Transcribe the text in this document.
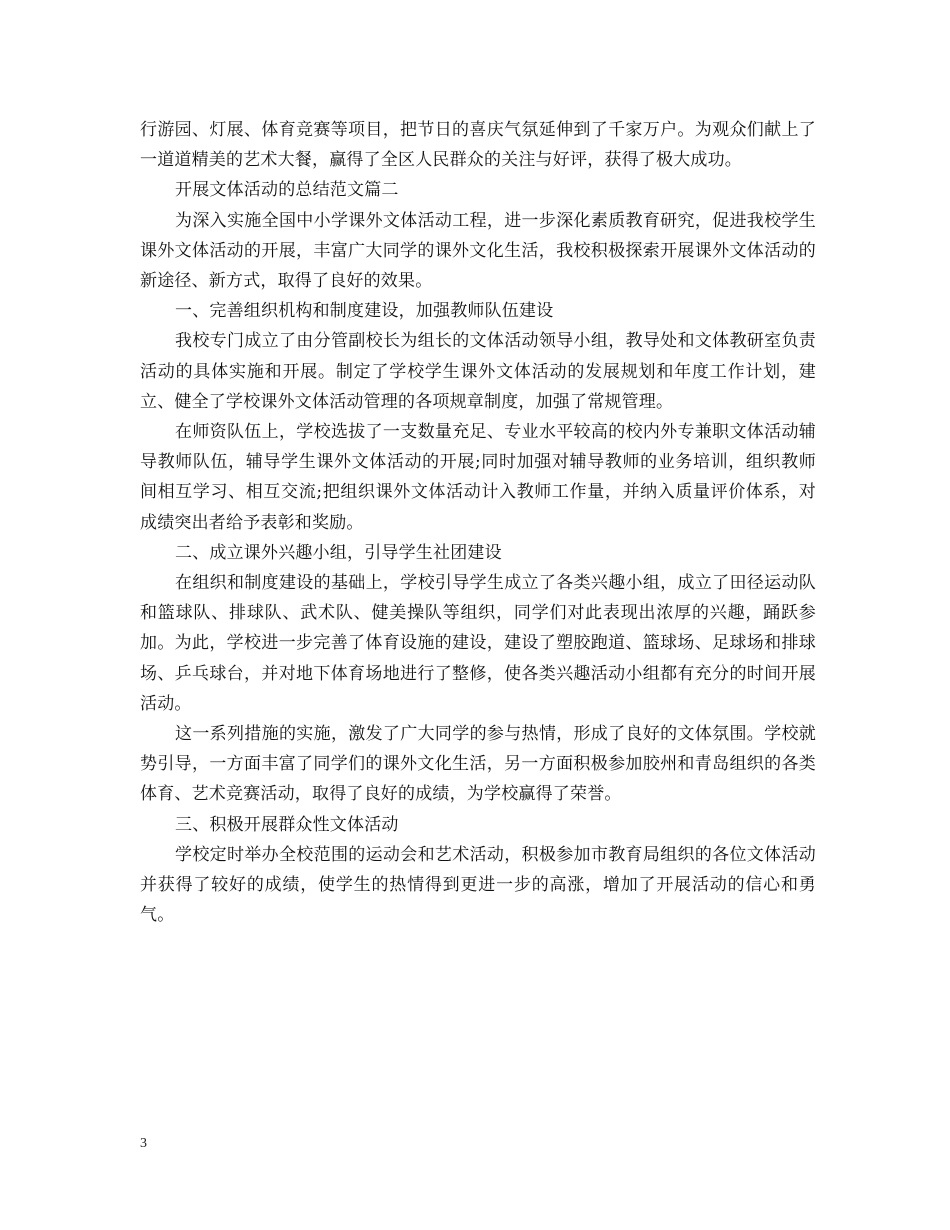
行游园、灯展、体育竞赛等项目，把节日的喜庆气氛延伸到了千家万户。为观众们献上了一道道精美的艺术大餐，赢得了全区人民群众的关注与好评，获得了极大成功。

开展文体活动的总结范文篇二

为深入实施全国中小学课外文体活动工程，进一步深化素质教育研究，促进我校学生课外文体活动的开展，丰富广大同学的课外文化生活，我校积极探索开展课外文体活动的新途径、新方式，取得了良好的效果。

一、完善组织机构和制度建设，加强教师队伍建设

我校专门成立了由分管副校长为组长的文体活动领导小组，教导处和文体教研室负责活动的具体实施和开展。制定了学校学生课外文体活动的发展规划和年度工作计划，建立、健全了学校课外文体活动管理的各项规章制度，加强了常规管理。

在师资队伍上，学校选拔了一支数量充足、专业水平较高的校内外专兼职文体活动辅导教师队伍，辅导学生课外文体活动的开展;同时加强对辅导教师的业务培训，组织教师间相互学习、相互交流;把组织课外文体活动计入教师工作量，并纳入质量评价体系，对成绩突出者给予表彰和奖励。

二、成立课外兴趣小组，引导学生社团建设

在组织和制度建设的基础上，学校引导学生成立了各类兴趣小组，成立了田径运动队和篮球队、排球队、武术队、健美操队等组织，同学们对此表现出浓厚的兴趣，踊跃参加。为此，学校进一步完善了体育设施的建设，建设了塑胶跑道、篮球场、足球场和排球场、乒乓球台，并对地下体育场地进行了整修，使各类兴趣活动小组都有充分的时间开展活动。

这一系列措施的实施，激发了广大同学的参与热情，形成了良好的文体氛围。学校就势引导，一方面丰富了同学们的课外文化生活，另一方面积极参加胶州和青岛组织的各类体育、艺术竞赛活动，取得了良好的成绩，为学校赢得了荣誉。

三、积极开展群众性文体活动

学校定时举办全校范围的运动会和艺术活动，积极参加市教育局组织的各位文体活动并获得了较好的成绩，使学生的热情得到更进一步的高涨，增加了开展活动的信心和勇气。

3
